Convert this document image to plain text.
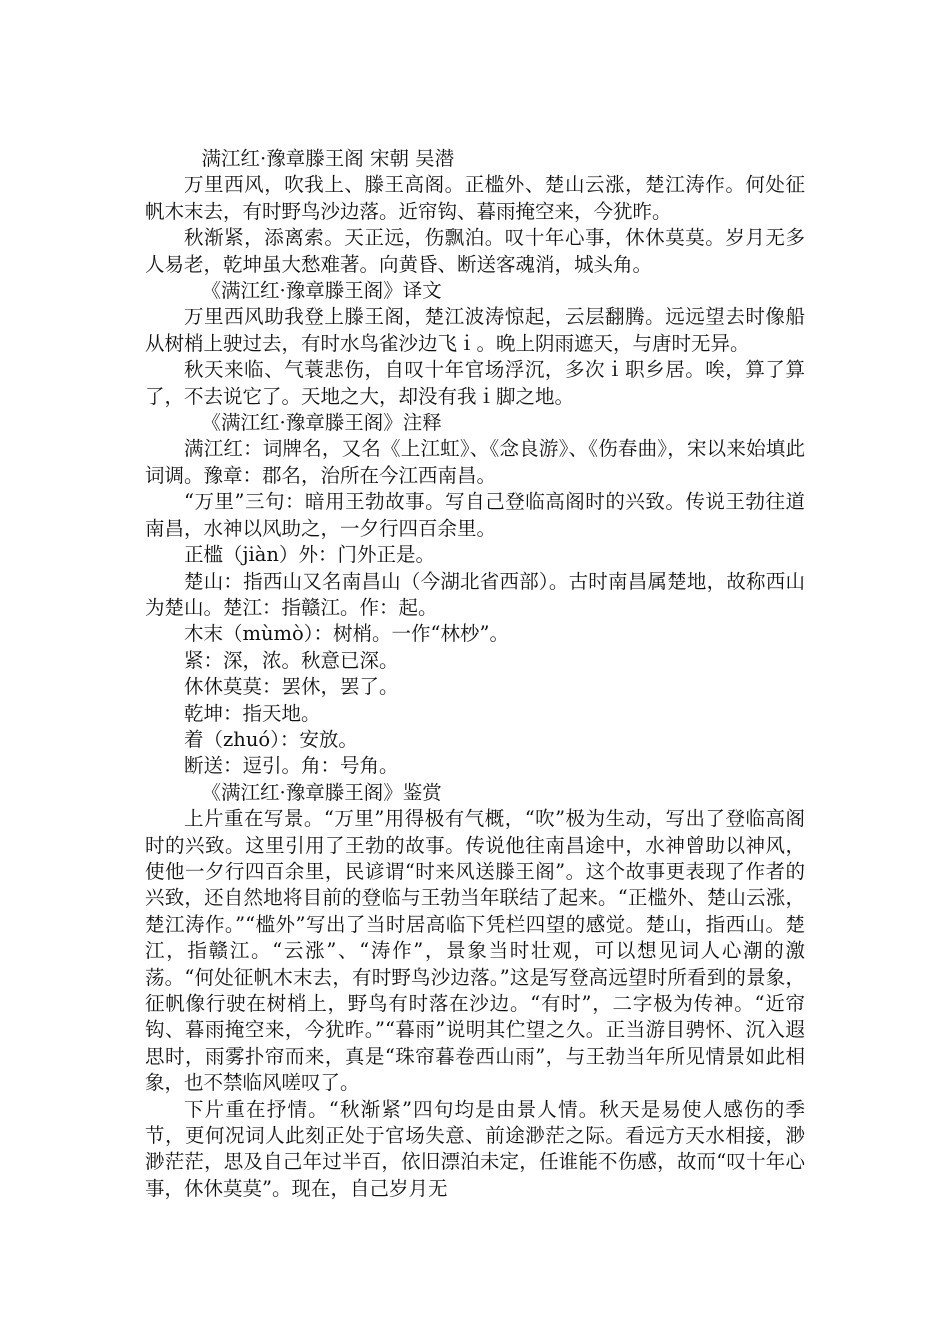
满江红·豫章滕王阁 宋朝 吴潜

万里西风，吹我上、滕王高阁。正槛外、楚山云涨，楚江涛作。何处征帆木末去，有时野鸟沙边落。近帘钩、暮雨掩空来，今犹昨。

秋渐紧，添离索。天正远，伤飘泊。叹十年心事，休休莫莫。岁月无多人易老，乾坤虽大愁难著。向黄昏、断送客魂消，城头角。

《满江红·豫章滕王阁》译文

万里西风助我登上滕王阁，楚江波涛惊起，云层翻腾。远远望去时像船从树梢上驶过去，有时水鸟雀沙边飞ｉ。晚上阴雨遮天，与唐时无异。

秋天来临、气蓑悲伤，自叹十年官场浮沉，多次ｉ职乡居。唉，算了算了，不去说它了。天地之大，却没有我ｉ脚之地。

《满江红·豫章滕王阁》注释

满江红：词牌名，又名《上江虹》、《念良游》、《伤春曲》，宋以来始填此词调。豫章：郡名，治所在今江西南昌。

“万里”三句：暗用王勃故事。写自己登临高阁时的兴致。传说王勃往道南昌，水神以风助之，一夕行四百余里。

正槛（jiàn）外：门外正是。

楚山：指西山又名南昌山（今湖北省西部）。古时南昌属楚地，故称西山为楚山。楚江：指赣江。作：起。

木末（mùmò）：树梢。一作“林杪”。

紧：深，浓。秋意已深。

休休莫莫：罢休，罢了。

乾坤：指天地。

着（zhuó）：安放。

断送：逗引。角：号角。

《满江红·豫章滕王阁》鉴赏

上片重在写景。“万里”用得极有气概，“吹”极为生动，写出了登临高阁时的兴致。这里引用了王勃的故事。传说他往南昌途中，水神曾助以神风，使他一夕行四百余里，民谚谓“时来风送滕王阁”。这个故事更表现了作者的兴致，还自然地将目前的登临与王勃当年联结了起来。“正槛外、楚山云涨，楚江涛作。”“槛外”写出了当时居高临下凭栏四望的感觉。楚山，指西山。楚江，指赣江。“云涨”、“涛作”，景象当时壮观，可以想见词人心潮的激荡。“何处征帆木末去，有时野鸟沙边落。”这是写登高远望时所看到的景象，征帆像行驶在树梢上，野鸟有时落在沙边。“有时”，二字极为传神。“近帘钩、暮雨掩空来，今犹昨。”“暮雨”说明其伫望之久。正当游目骋怀、沉入遐思时，雨雾扑帘而来，真是“珠帘暮卷西山雨”，与王勃当年所见情景如此相象，也不禁临风嗟叹了。

下片重在抒情。“秋渐紧”四句均是由景人情。秋天是易使人感伤的季节，更何况词人此刻正处于官场失意、前途渺茫之际。看远方天水相接，渺渺茫茫，思及自己年过半百，依旧漂泊未定，任谁能不伤感，故而“叹十年心事，休休莫莫”。现在，自己岁月无
